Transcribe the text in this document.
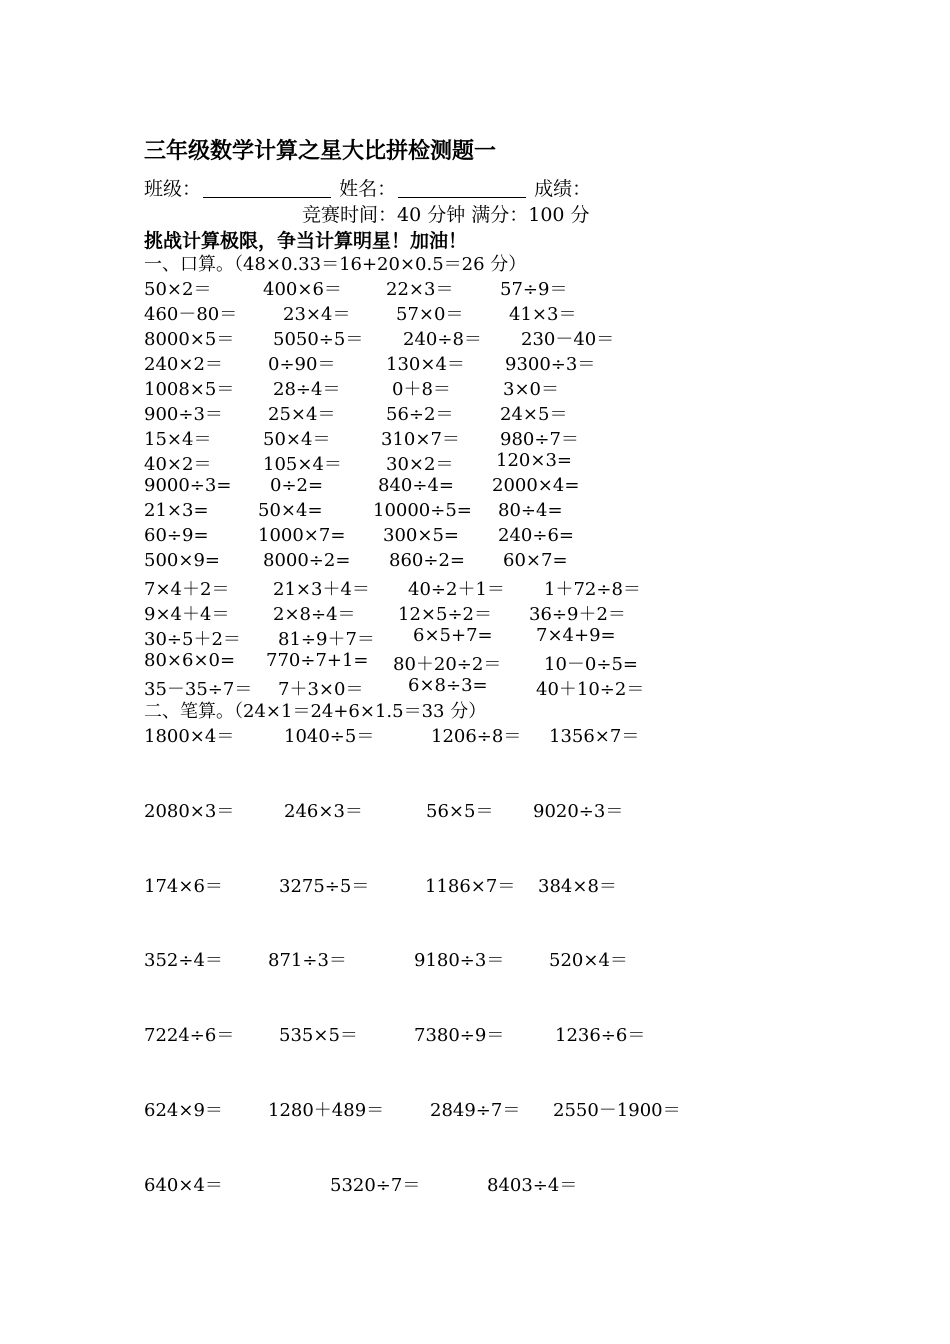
三年级数学计算之星大比拼检测题一
班级：	姓名：	成绩：
竞赛时间：40 分钟 满分：100 分
挑战计算极限，争当计算明星！加油！
一、口算。（48×0.33＝16+20×0.5＝26 分）
50×2＝	400×6＝ 22×3＝	57÷9＝
460－80＝	23×4＝	57×0＝	41×3＝
8000×5＝ 5050÷5＝ 240÷8＝ 230－40＝
240×2＝	0÷90＝	130×4＝ 9300÷3＝
1008×5＝ 28÷4＝	0＋8＝	3×0＝
900÷3＝	25×4＝	56÷2＝	24×5＝
15×4＝	50×4＝	310×7＝ 980÷7＝
40×2＝	105×4＝ 30×2＝ 120×3=
9000÷3= 0÷2=	840÷4= 2000×4=
21×3=	50×4=	10000÷5= 80÷4=
60÷9=	1000×7= 300×5= 240÷6=
500×9= 8000÷2= 860÷2= 60×7=
7×4＋2＝ 21×3＋4＝ 40÷2＋1＝ 1＋72÷8＝
9×4＋4＝ 2×8÷4＝ 12×5÷2＝ 36÷9＋2＝
30÷5＋2＝ 81÷9＋7＝ 6×5+7= 7×4+9=
80×6×0= 770÷7+1= 80＋20÷2＝ 10－0÷5=
35－35÷7＝ 7＋3×0＝ 6×8÷3=	40＋10÷2＝
二、笔算。（24×1＝24+6×1.5＝33 分）
1800×4＝	1040÷5＝	1206÷8＝ 1356×7＝
2080×3＝	246×3＝	56×5＝ 9020÷3＝
174×6＝	3275÷5＝	1186×7＝ 384×8＝
352÷4＝	871÷3＝	9180÷3＝ 520×4＝
7224÷6＝ 535×5＝	7380÷9＝	1236÷6＝
624×9＝	1280＋489＝	2849÷7＝ 2550－1900＝
640×4＝	5320÷7＝	8403÷4＝
